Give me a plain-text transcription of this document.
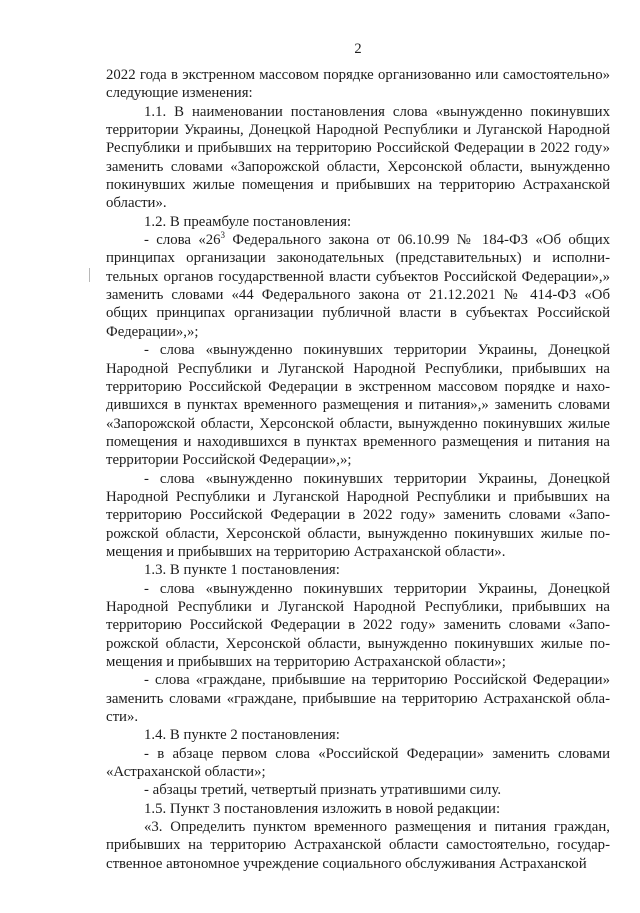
2

2022 года в экстренном массовом порядке организованно или самостоятельно» следующие изменения:

1.1. В наименовании постановления слова «вынужденно покинувших территории Украины, Донецкой Народной Республики и Луганской Народной Республики и прибывших на территорию Российской Федерации в 2022 году» заменить словами «Запорожской области, Херсонской области, вынужденно покинувших жилые помещения и прибывших на территорию Астраханской области».

1.2. В преамбуле постановления:

- слова «$26^3$ Федерального закона от 06.10.99 № 184-ФЗ «Об общих принципах организации законодательных (представительных) и исполнительных органов государственной власти субъектов Российской Федерации»,» заменить словами «44 Федерального закона от 21.12.2021 № 414-ФЗ «Об общих принципах организации публичной власти в субъектах Российской Федерации»,»;

- слова «вынужденно покинувших территории Украины, Донецкой Народной Республики и Луганской Народной Республики, прибывших на территорию Российской Федерации в экстренном массовом порядке и находившихся в пунктах временного размещения и питания»,» заменить словами «Запорожской области, Херсонской области, вынужденно покинувших жилые помещения и находившихся в пунктах временного размещения и питания на территории Российской Федерации»,»;

- слова «вынужденно покинувших территории Украины, Донецкой Народной Республики и Луганской Народной Республики и прибывших на территорию Российской Федерации в 2022 году» заменить словами «Запорожской области, Херсонской области, вынужденно покинувших жилые помещения и прибывших на территорию Астраханской области».

1.3. В пункте 1 постановления:

- слова «вынужденно покинувших территории Украины, Донецкой Народной Республики и Луганской Народной Республики, прибывших на территорию Российской Федерации в 2022 году» заменить словами «Запорожской области, Херсонской области, вынужденно покинувших жилые помещения и прибывших на территорию Астраханской области»;

- слова «граждане, прибывшие на территорию Российской Федерации» заменить словами «граждане, прибывшие на территорию Астраханской области».

1.4. В пункте 2 постановления:

- в абзаце первом слова «Российской Федерации» заменить словами «Астраханской области»;

- абзацы третий, четвертый признать утратившими силу.

1.5. Пункт 3 постановления изложить в новой редакции:

«3. Определить пунктом временного размещения и питания граждан, прибывших на территорию Астраханской области самостоятельно, государственное автономное учреждение социального обслуживания Астраханской
